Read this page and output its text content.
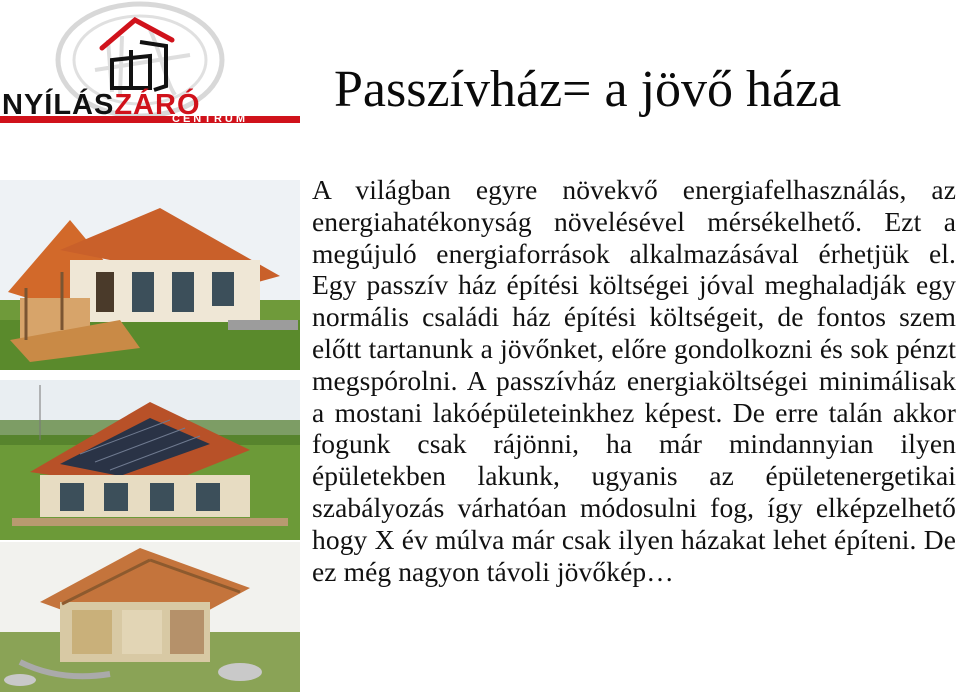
NYÍLÁSZÁRÓ
CENTRUM
Passzívház= a jövő háza
A világban egyre növekvő energiafelhasználás, az energiahatékonyság növelésével mérsékelhető. Ezt a megújuló energiaforrások alkalmazásával érhetjük el. Egy passzív ház építési költségei jóval meghaladják egy normális családi ház építési költségeit, de fontos szem előtt tartanunk a jövőnket, előre gondolkozni és sok pénzt megspórolni. A passzívház energiaköltségei minimálisak a mostani lakóépületeinkhez képest. De erre talán akkor fogunk csak rájönni, ha már mindannyian ilyen épületekben lakunk, ugyanis az épületenergetikai szabályozás várhatóan módosulni fog, így elképzelhető hogy X év múlva már csak ilyen házakat lehet építeni. De ez még nagyon távoli jövőkép…
